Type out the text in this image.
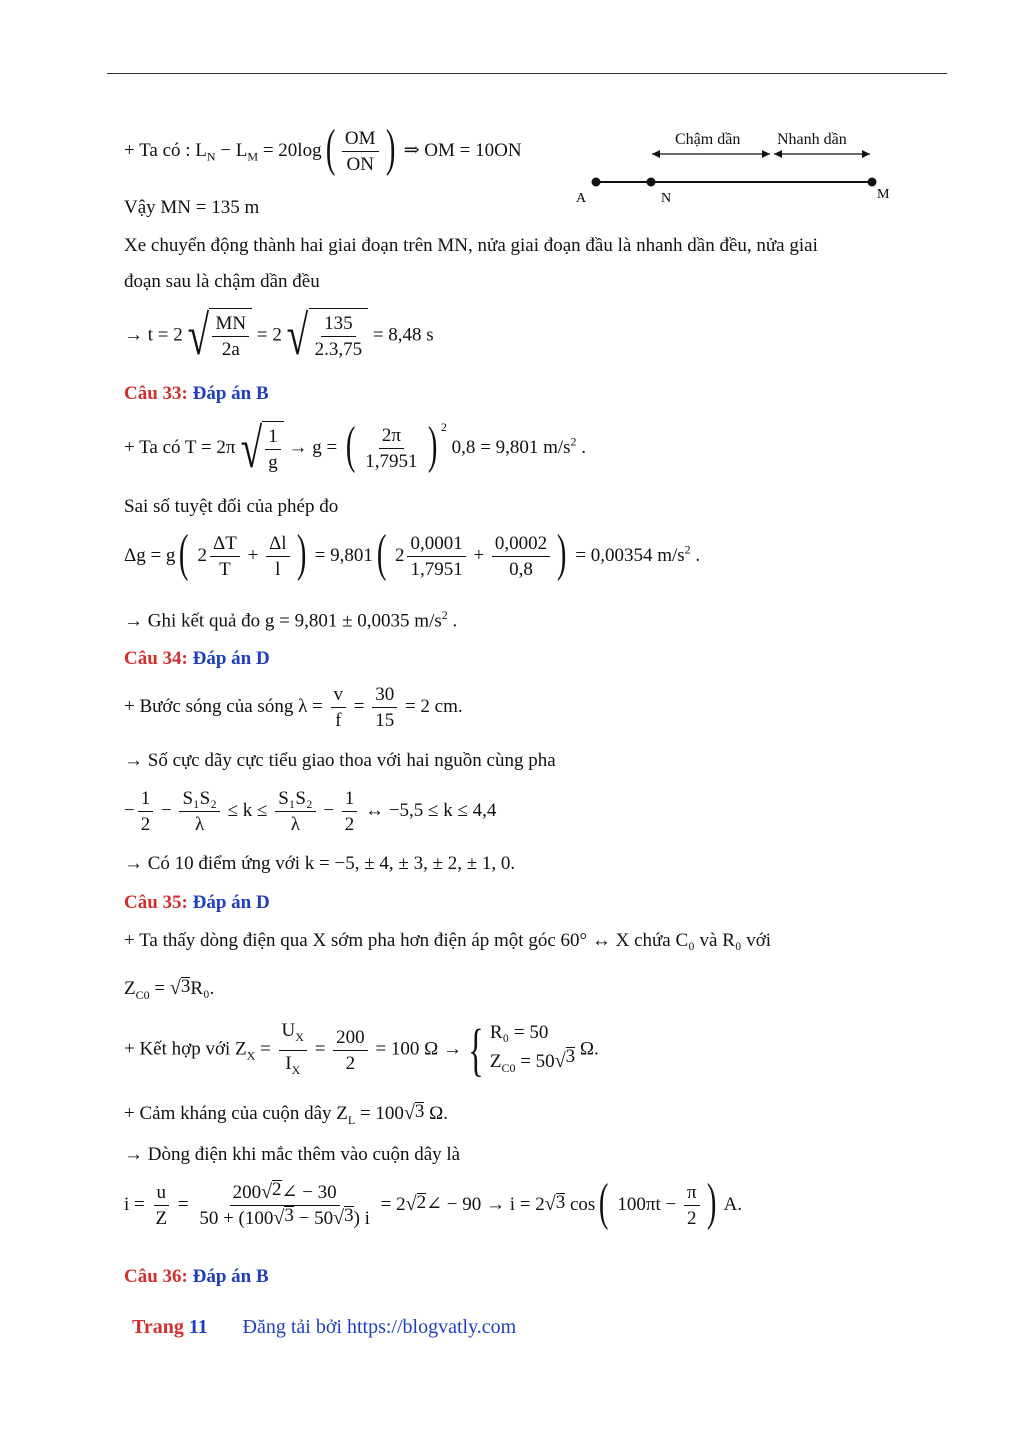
+ Ta có : $L_N - L_M = 20\log( \frac{OM}{ON}$ ) ⇒ OM = 10ON
Chậm dần Nhanh dần
A	N	M
Vậy MN = 135 m
Xe chuyển động thành hai giai đoạn trên MN, nửa giai đoạn đầu là nhanh dần đều, nửa giai
đoạn sau là chậm dần đều
→ t = 2 √ $\frac{MN}{2a} = 2$ √ $\frac{135}{2.3,75} = 8,48$ s
Câu 33: Đáp án B
+ Ta có T = 2π √ $\frac{1}{g} \to g$ = ( $\frac{2\pi}{1,7951}$ ) $^2$ 0,8 = 9,801 $m/s^2$ .
Sai số tuyệt đối của phép đo
Δg = g( $2 \frac{\Delta T}{T} + \frac{\Delta l}{l}$ ) = 9,801( $2 \frac{0,0001}{1,7951} + \frac{0,0002}{0,8}$ ) = 0,00354 $m/s^2$ .
→ Ghi kết quả đo g = 9,801 ± 0,0035 $m/s^2$ .
Câu 34: Đáp án D
+ Bước sóng của sóng $\lambda = \frac{v}{f} = \frac{30}{15} = 2$ cm.
→ Số cực dãy cực tiểu giao thoa với hai nguồn cùng pha
− $\frac{1}{2} - \frac{\text{S₁S₂}}{\lambda} \le k \le \frac{\text{S₁S₂}}{\lambda} - \frac{1}{2}$ ↔ −5,5 ≤ k ≤ 4,4
→ Có 10 điểm ứng với k = −5, ± 4, ± 3, ± 2, ± 1, 0.
Câu 35: Đáp án D
+ Ta thấy dòng điện qua X sớm pha hơn điện áp một góc 60° ↔ X chứa C₀ và R₀ với
$Z_{C0}$ = √ 3 R₀.
+ Kết hợp với $Z_X = \frac{U_X}{I_X} = \frac{200}{2} = 100$ Ω → { R₀ = 50
$Z_{C0} = 50$ √ 3 Ω.
+ Cảm kháng của cuộn dây $Z_L = 100$ √ 3 Ω.
→ Dòng điện khi mắc thêm vào cuộn dây là
$i = \frac{u}{Z} = \frac{200 √ 2 \angle - 30}{50 + (100 √ 3 - 50 √ 3 ) i} = 2$ √ 2 ∠ − 90 → i = 2 √ 3 cos( $100\pi t - \frac{\pi}{2}$ ) A.
Câu 36: Đáp án B
Trang 11 Đăng tải bởi https://blogvatly.com
